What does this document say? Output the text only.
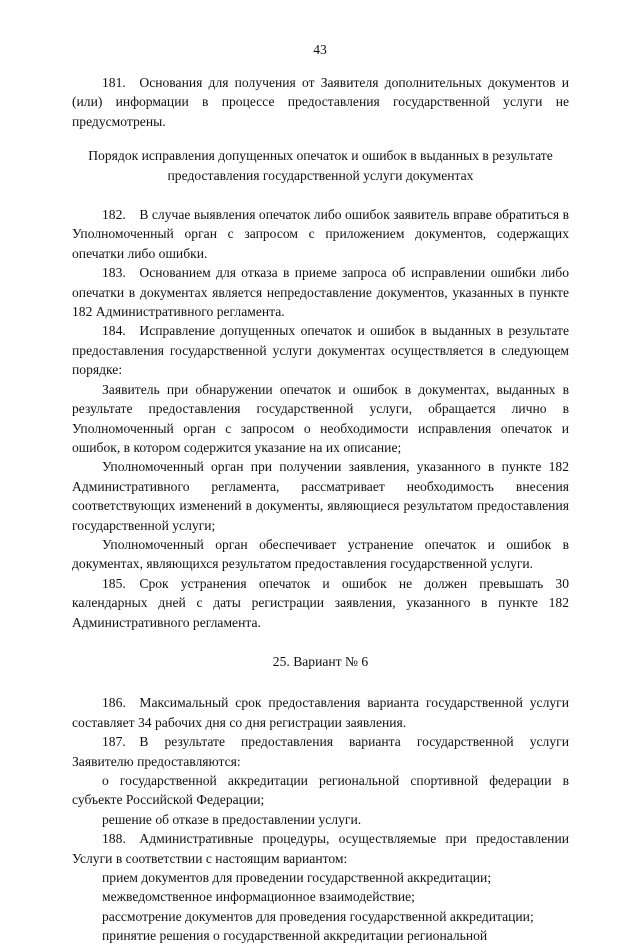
43

181. Основания для получения от Заявителя дополнительных документов и (или) информации в процессе предоставления государственной услуги не предусмотрены.

Порядок исправления допущенных опечаток и ошибок в выданных в результате предоставления государственной услуги документах

182. В случае выявления опечаток либо ошибок заявитель вправе обратиться в Уполномоченный орган с запросом с приложением документов, содержащих опечатки либо ошибки.

183. Основанием для отказа в приеме запроса об исправлении ошибки либо опечатки в документах является непредоставление документов, указанных в пункте 182 Административного регламента.

184. Исправление допущенных опечаток и ошибок в выданных в результате предоставления государственной услуги документах осуществляется в следующем порядке:

Заявитель при обнаружении опечаток и ошибок в документах, выданных в результате предоставления государственной услуги, обращается лично в Уполномоченный орган с запросом о необходимости исправления опечаток и ошибок, в котором содержится указание на их описание;

Уполномоченный орган при получении заявления, указанного в пункте 182 Административного регламента, рассматривает необходимость внесения соответствующих изменений в документы, являющиеся результатом предоставления государственной услуги;

Уполномоченный орган обеспечивает устранение опечаток и ошибок в документах, являющихся результатом предоставления государственной услуги.

185. Срок устранения опечаток и ошибок не должен превышать 30 календарных дней с даты регистрации заявления, указанного в пункте 182 Административного регламента.

25. Вариант № 6

186. Максимальный срок предоставления варианта государственной услуги составляет 34 рабочих дня со дня регистрации заявления.

187. В результате предоставления варианта государственной услуги Заявителю предоставляются:

о государственной аккредитации региональной спортивной федерации в субъекте Российской Федерации;

решение об отказе в предоставлении услуги.

188. Административные процедуры, осуществляемые при предоставлении Услуги в соответствии с настоящим вариантом:

прием документов для проведении государственной аккредитации;

межведомственное информационное взаимодействие;

рассмотрение документов для проведения государственной аккредитации;

принятие решения о государственной аккредитации региональной
